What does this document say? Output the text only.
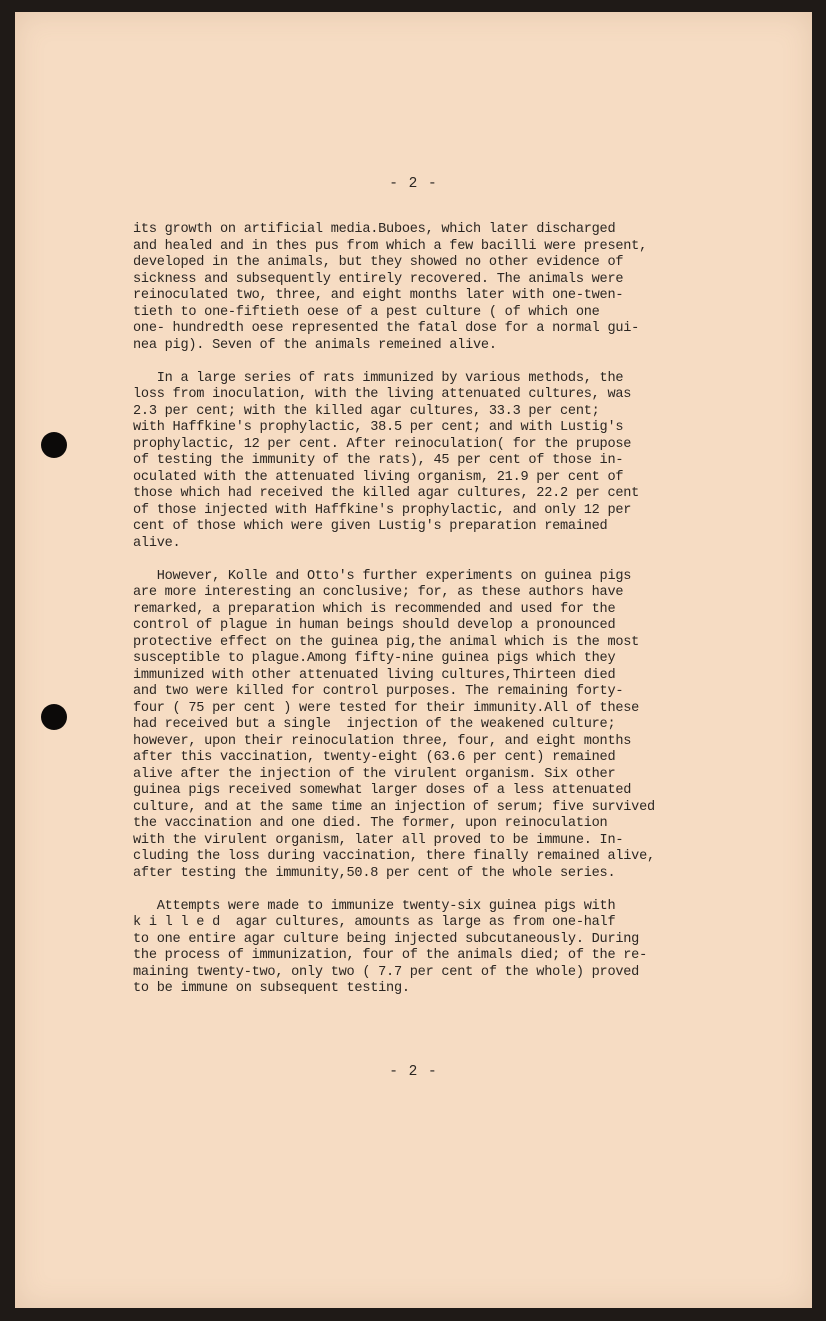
- 2 -
its growth on artificial media.Buboes, which later discharged
and healed and in thes pus from which a few bacilli were present,
developed in the animals, but they showed no other evidence of
sickness and subsequently entirely recovered. The animals were
reinoculated two, three, and eight months later with one-twen-
tieth to one-fiftieth oese of a pest culture ( of which one
one- hundredth oese represented the fatal dose for a normal gui-
nea pig). Seven of the animals remeined alive.
In a large series of rats immunized by various methods, the
loss from inoculation, with the living attenuated cultures, was
2.3 per cent; with the killed agar cultures, 33.3 per cent;
with Haffkine's prophylactic, 38.5 per cent; and with Lustig's
prophylactic, 12 per cent. After reinoculation( for the prupose
of testing the immunity of the rats), 45 per cent of those in-
oculated with the attenuated living organism, 21.9 per cent of
those which had received the killed agar cultures, 22.2 per cent
of those injected with Haffkine's prophylactic, and only 12 per
cent of those which were given Lustig's preparation remained
alive.
However, Kolle and Otto's further experiments on guinea pigs
are more interesting an conclusive; for, as these authors have
remarked, a preparation which is recommended and used for the
control of plague in human beings should develop a pronounced
protective effect on the guinea pig,the animal which is the most
susceptible to plague.Among fifty-nine guinea pigs which they
immunized with other attenuated living cultures,Thirteen died
and two were killed for control purposes. The remaining forty-
four ( 75 per cent ) were tested for their immunity.All of these
had received but a single  injection of the weakened culture;
however, upon their reinoculation three, four, and eight months
after this vaccination, twenty-eight (63.6 per cent) remained
alive after the injection of the virulent organism. Six other
guinea pigs received somewhat larger doses of a less attenuated
culture, and at the same time an injection of serum; five survived
the vaccination and one died. The former, upon reinoculation
with the virulent organism, later all proved to be immune. In-
cluding the loss during vaccination, there finally remained alive,
after testing the immunity,50.8 per cent of the whole series.
Attempts were made to immunize twenty-six guinea pigs with
k i l l e d  agar cultures, amounts as large as from one-half
to one entire agar culture being injected subcutaneously. During
the process of immunization, four of the animals died; of the re-
maining twenty-two, only two ( 7.7 per cent of the whole) proved
to be immune on subsequent testing.
- 2 -
